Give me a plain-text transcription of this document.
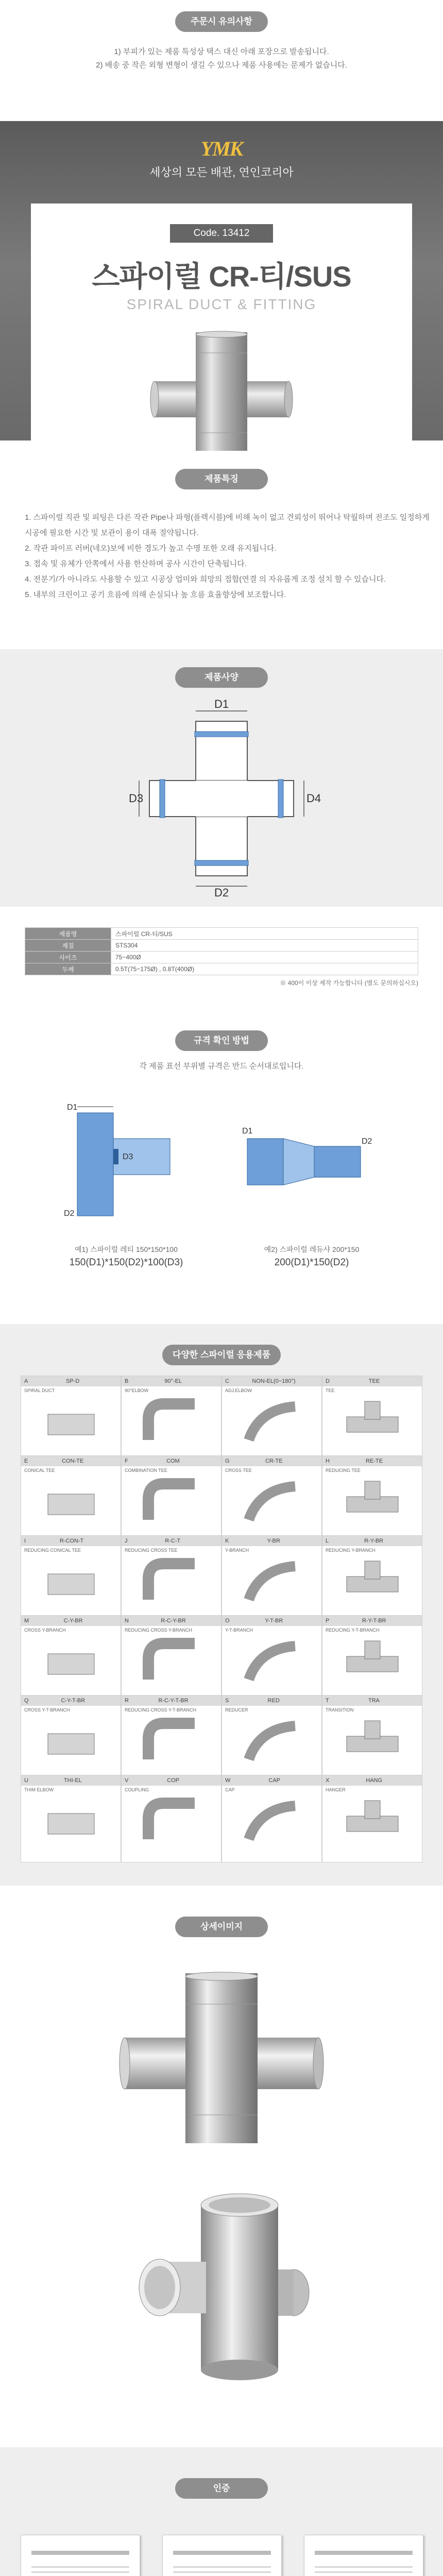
주문시 유의사항
1) 부피가 있는 제품 특성상 택스 대신 아래 포장으로 발송됩니다.
2) 배송 중 작은 외형 변형이 생길 수 있으나 제품 사용에는 문제가 없습니다.
ΥΜΚ
세상의 모든 배관, 연인코리아
Code. 13412
스파이럴 CR-티/SUS
SPIRAL DUCT & FITTING
제품특징
1. 스파이럴 직관 및 피팅은 다른 작관 Pipe나 파형(플렉시블)에 비해 녹이 없고 견뢰성이 뛰어나 탁월하며 전조도 일정하게
시공에 필요한 시간 및 보관이 용이 대폭 절약됩니다.
2. 작관 파이프 러버(네오)보에 비한 경도가 높고 수명 또한 오래 유지됩니다.
3. 접속 및 유체가 안쪽에서 사용 한산하며 공사 시간이 단축됩니다.
4. 전분기/가 아니라도 사용할 수 있고 시공상 업미와 희망의 접합(연결 의 자유롭게 조정 설치 할 수 있습니다.
5. 내부의 크린이고 공기 흐름에 의해 손실되나 높 흐름 효율향상에 보조합니다.
제품사양
D1
D2
D3	D4
제품명	스파이럴 CR-티/SUS
재질	STS304
사이즈	75~400Ø
두께	0.5T(75~175Ø) , 0.8T(400Ø)
※ 400이 이상 제작 가능합니다 (별도 문의하십시오)
규격 확인 방법
각 제품 표선 부위별 규격은 반드 순서대로입니다.
D1
D3
D2
D1
D2
예1) 스파이럴 레티 150*150*100
150(D1)*150(D2)*100(D3)
예2) 스파이럴 레듀샤 200*150
200(D1)*150(D2)
다양한 스파이럴 응용제품
A	SP-D
SPIRAL DUCT
B	90°-EL
90°ELBOW
C	NON-EL(0~180°)
ADJ.ELBOW
D	TEE
TEE
E	CON-TE
CONICAL TEE
F	COM
COMBINATION TEE
G	CR-TE
CROSS TEE
H	RE-TE
REDUCING TEE
I	R-CON-T
REDUCING CONICAL TEE
J	R-C-T
REDUCING CROSS TEE
K	Y-BR
Y-BRANCH
L	R-Y-BR
REDUCING Y-BRANCH
M	C-Y-BR
CROSS Y-BRANCH
N	R-C-Y-BR
REDUCING CROSS Y-BRANCH
O	Y-T-BR
Y-T-BRANCH
P	R-Y-T-BR
REDUCING Y-T-BRANCH
Q	C-Y-T-BR
CROSS Y-T-BRANCH
R	R-C-Y-T-BR
REDUCING CROSS Y-T-BRANCH
S	RED
REDUCER
T	TRA
TRANSITION
U	THI-EL
THIM ELBOW
V	COP
COUPLING
W	CAP
CAP
X	HANG
HANGER
상세이미지
인증
